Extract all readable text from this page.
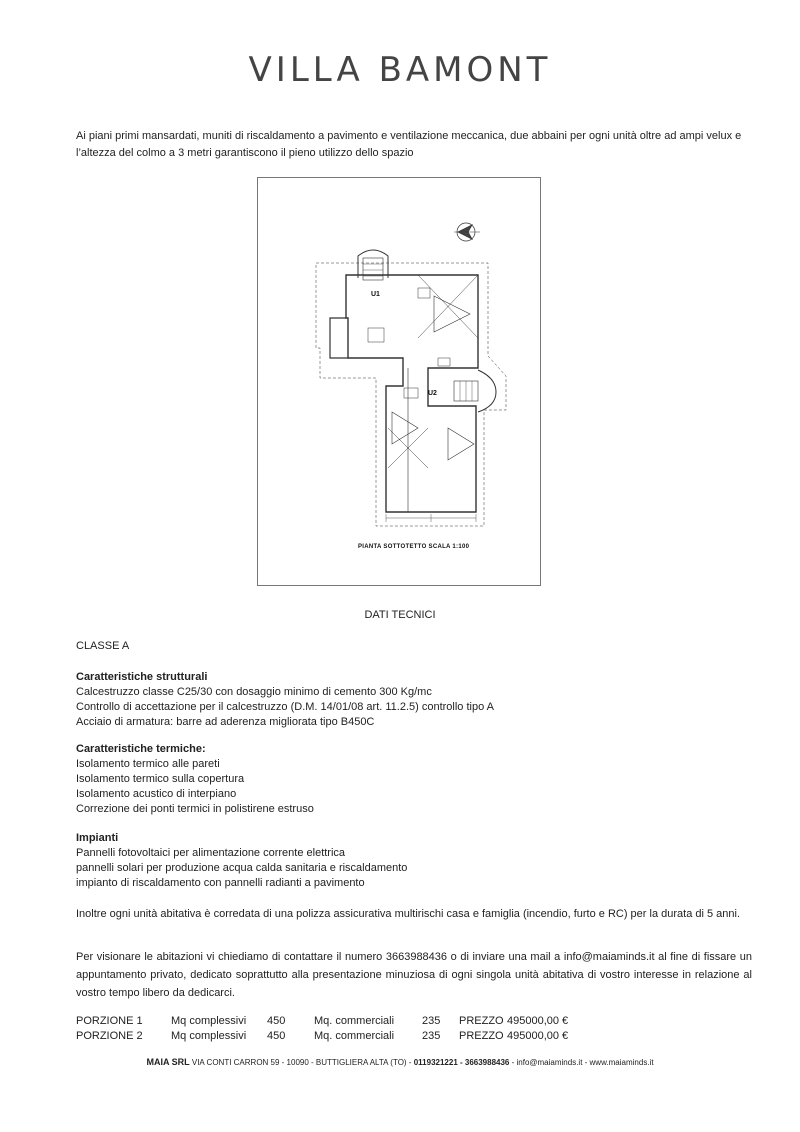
VILLA BAMONT
Ai piani primi mansardati, muniti di riscaldamento a pavimento e ventilazione meccanica, due abbaini per ogni unità oltre ad ampi velux e l’altezza del colmo a 3 metri garantiscono il pieno utilizzo dello spazio
U1
U2
PIANTA SOTTOTETTO SCALA 1:100
DATI TECNICI
CLASSE A
Caratteristiche strutturali
Calcestruzzo classe C25/30 con dosaggio minimo di cemento 300 Kg/mc
Controllo di accettazione per il calcestruzzo (D.M. 14/01/08 art. 11.2.5) controllo tipo A
Acciaio di armatura: barre ad aderenza migliorata tipo B450C
Caratteristiche termiche:
Isolamento termico alle pareti
Isolamento termico sulla copertura
Isolamento acustico di interpiano
Correzione dei ponti termici in polistirene estruso
Impianti
Pannelli fotovoltaici per alimentazione corrente elettrica
pannelli solari per produzione acqua calda sanitaria e riscaldamento
impianto di riscaldamento con pannelli radianti a pavimento
Inoltre ogni unità abitativa è corredata di una polizza assicurativa multirischi casa e famiglia (incendio, furto e RC) per la durata di 5 anni.
Per visionare le abitazioni vi chiediamo di contattare il numero 3663988436 o di inviare una mail a info@maiaminds.it al fine di fissare un appuntamento privato, dedicato soprattutto alla presentazione minuziosa di ogni singola unità abitativa di vostro interesse in relazione al vostro tempo libero da dedicarci.
PORZIONE 1	Mq complessivi	450	Mq. commerciali	235	PREZZO	495000,00 €
PORZIONE 2	Mq complessivi	450	Mq. commerciali	235	PREZZO	495000,00 €
MAIA SRL VIA CONTI CARRON 59 - 10090 - BUTTIGLIERA ALTA (TO) - 0119321221 - 3663988436 - info@maiaminds.it - www.maiaminds.it
